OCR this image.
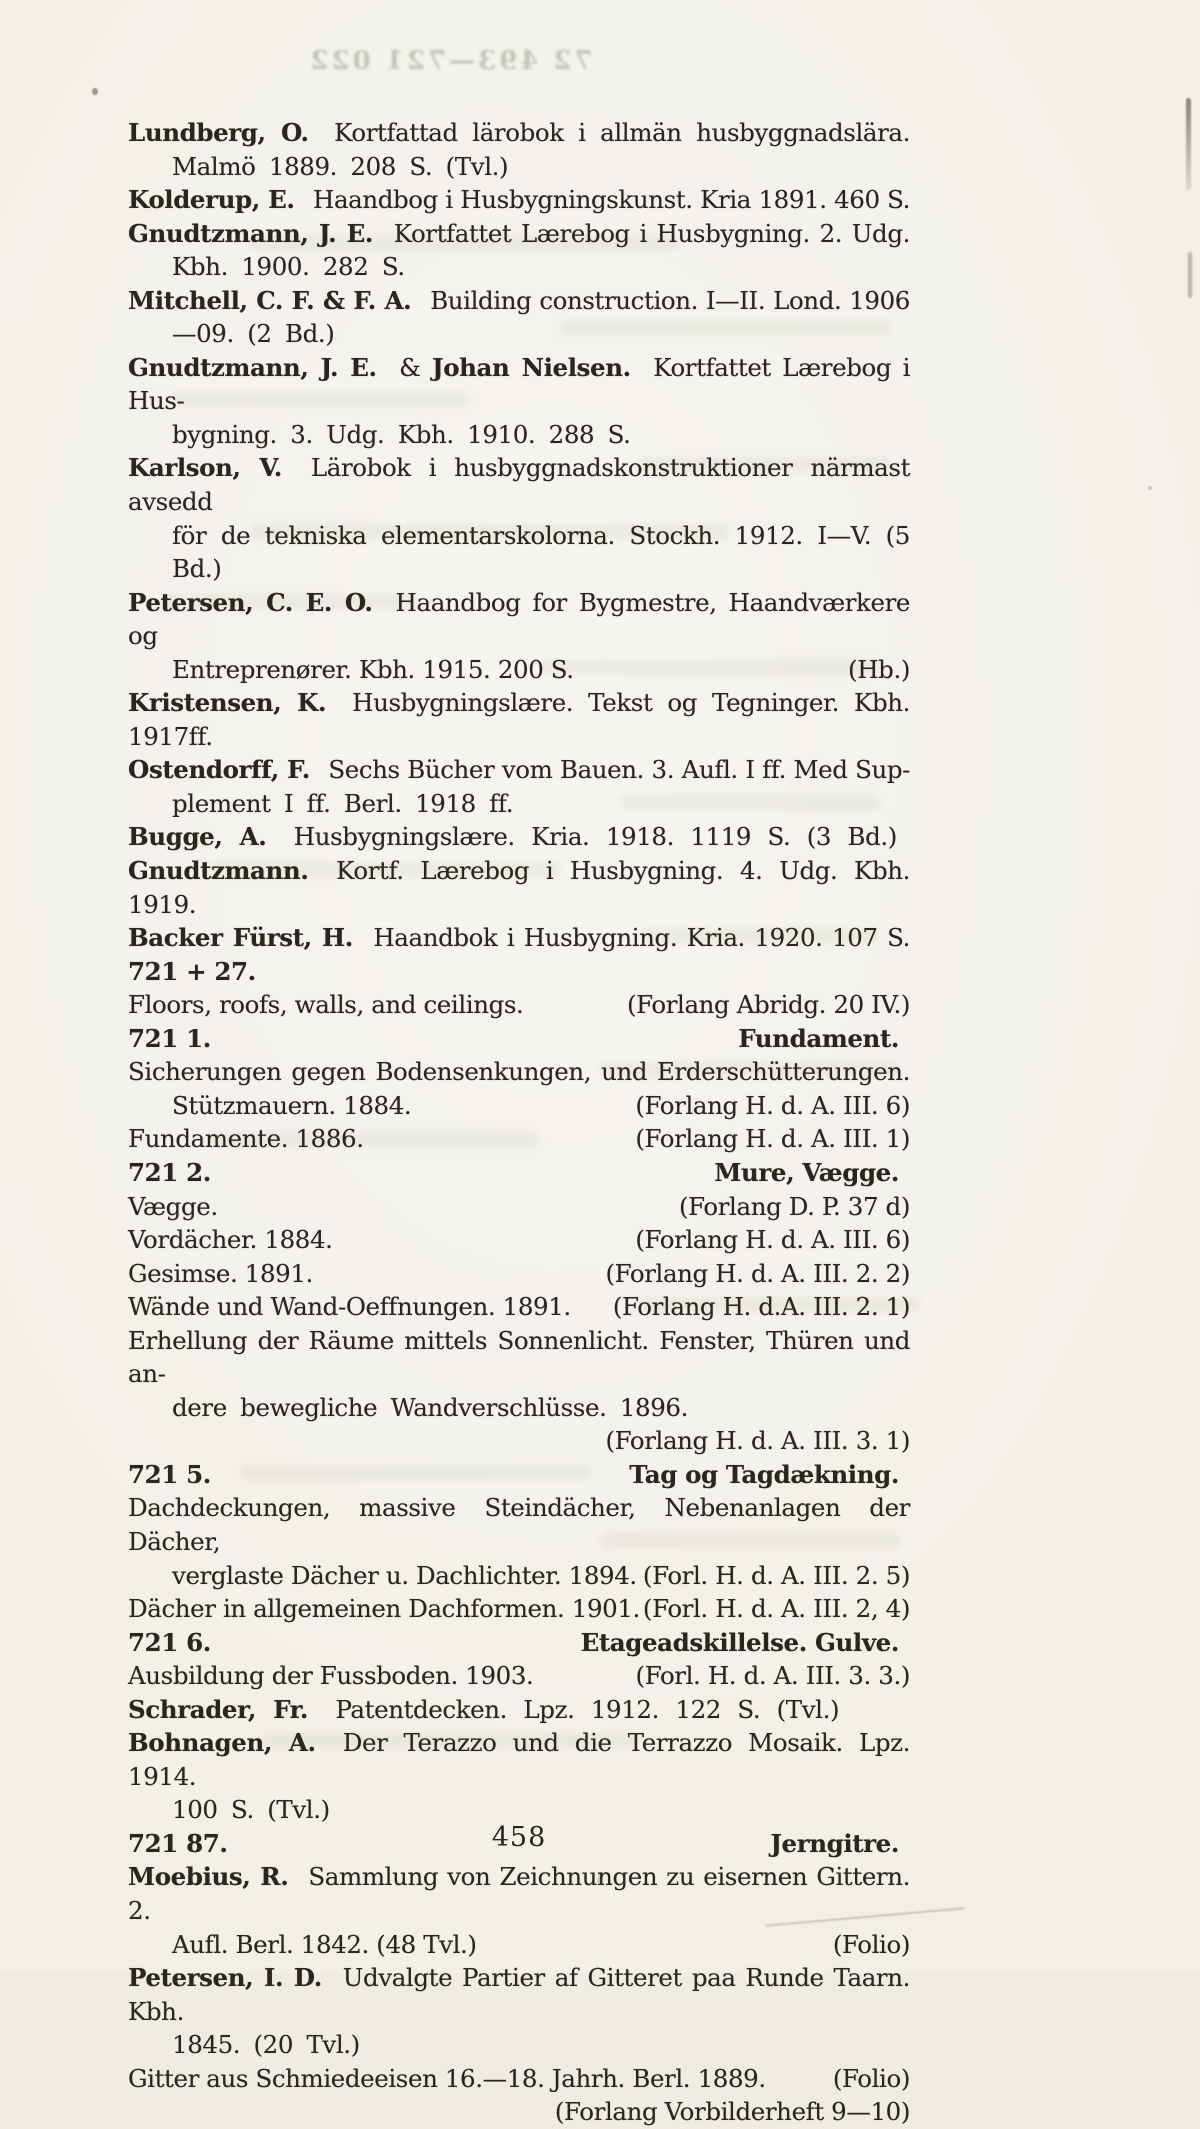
72 493—721 022
Lundberg, O. Kortfattad lärobok i allmän husbyggnadslära.
Malmö 1889. 208 S. (Tvl.)
Kolderup, E. Haandbog i Husbygningskunst. Kria 1891. 460 S.
Gnudtzmann, J. E. Kortfattet Lærebog i Husbygning. 2. Udg.
Kbh. 1900. 282 S.
Mitchell, C. F. & F. A. Building construction. I—II. Lond. 1906
—09. (2 Bd.)
Gnudtzmann, J. E. & Johan Nielsen. Kortfattet Lærebog i Hus-
bygning. 3. Udg. Kbh. 1910. 288 S.
Karlson, V. Lärobok i husbyggnadskonstruktioner närmast avsedd
för de tekniska elementarskolorna. Stockh. 1912. I—V. (5 Bd.)
Petersen, C. E. O. Haandbog for Bygmestre, Haandværkere og
Entreprenører. Kbh. 1915. 200 S.	(Hb.)
Kristensen, K. Husbygningslære. Tekst og Tegninger. Kbh. 1917ff.
Ostendorff, F. Sechs Bücher vom Bauen. 3. Aufl. I ff. Med Sup-
plement I ff. Berl. 1918 ff.
Bugge, A. Husbygningslære. Kria. 1918. 1119 S. (3 Bd.)
Gnudtzmann. Kortf. Lærebog i Husbygning. 4. Udg. Kbh. 1919.
Backer Fürst, H. Haandbok i Husbygning. Kria. 1920. 107 S.
721 + 27.
Floors, roofs, walls, and ceilings.	(Forlang Abridg. 20 IV.)
721 1.	Fundament.
Sicherungen gegen Bodensenkungen, und Erderschütterungen.
Stützmauern. 1884.	(Forlang H. d. A. III. 6)
Fundamente. 1886.	(Forlang H. d. A. III. 1)
721 2.	Mure, Vægge.
Vægge.	(Forlang D. P. 37 d)
Vordächer. 1884.	(Forlang H. d. A. III. 6)
Gesimse. 1891.	(Forlang H. d. A. III. 2. 2)
Wände und Wand-Oeffnungen. 1891. (Forlang H. d.A. III. 2. 1)
Erhellung der Räume mittels Sonnenlicht. Fenster, Thüren und an-
dere bewegliche Wandverschlüsse. 1896.
(Forlang H. d. A. III. 3. 1)
721 5.	Tag og Tagdækning.
Dachdeckungen, massive Steindächer, Nebenanlagen der Dächer,
verglaste Dächer u. Dachlichter. 1894. (Forl. H. d. A. III. 2. 5)
Dächer in allgemeinen Dachformen. 1901. (Forl. H. d. A. III. 2, 4)
721 6.	Etageadskillelse. Gulve.
Ausbildung der Fussboden. 1903.	(Forl. H. d. A. III. 3. 3.)
Schrader, Fr. Patentdecken. Lpz. 1912. 122 S. (Tvl.)
Bohnagen, A. Der Terazzo und die Terrazzo Mosaik. Lpz. 1914.
100 S. (Tvl.)
721 87.	Jerngitre.
Moebius, R. Sammlung von Zeichnungen zu eisernen Gittern. 2.
Aufl. Berl. 1842. (48 Tvl.)	(Folio)
Petersen, I. D. Udvalgte Partier af Gitteret paa Runde Taarn. Kbh.
1845. (20 Tvl.)
Gitter aus Schmiedeeisen 16.—18. Jahrh. Berl. 1889.	(Folio)
(Forlang Vorbilderheft 9—10)
458
